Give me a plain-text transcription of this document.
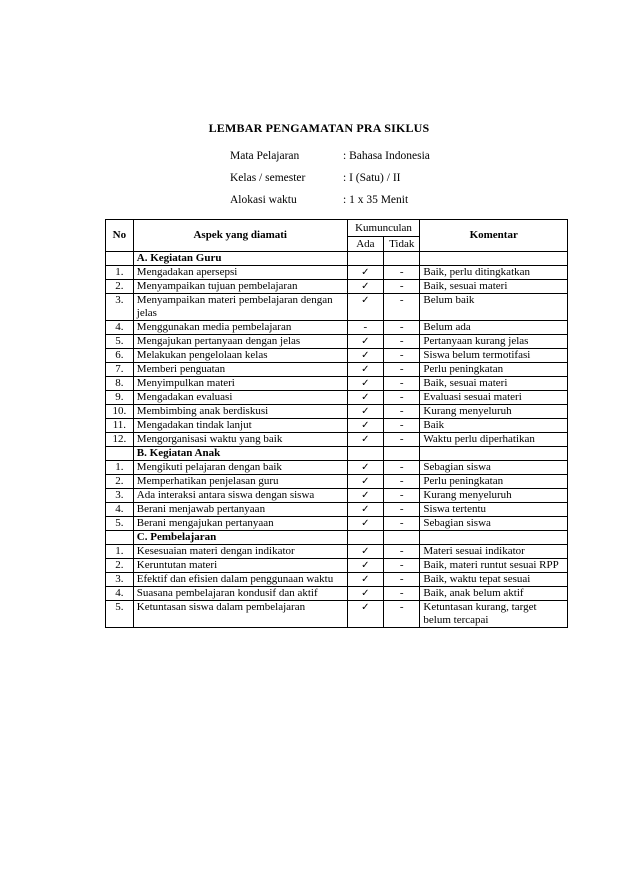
LEMBAR PENGAMATAN PRA SIKLUS
Mata Pelajaran	: Bahasa Indonesia
Kelas / semester	: I (Satu) / II
Alokasi waktu	: 1 x 35 Menit
No	Aspek yang diamati	Kumunculan		Komentar
		Ada	Tidak	
	A. Kegiatan Guru			
1.	Mengadakan apersepsi	✓	-	Baik, perlu ditingkatkan
2.	Menyampaikan tujuan pembelajaran	✓	-	Baik, sesuai materi
3.	Menyampaikan materi pembelajaran dengan jelas	✓	-	Belum baik
4.	Menggunakan media pembelajaran	-	-	Belum ada
5.	Mengajukan pertanyaan dengan jelas	✓	-	Pertanyaan kurang jelas
6.	Melakukan pengelolaan kelas	✓	-	Siswa belum termotifasi
7.	Memberi penguatan	✓	-	Perlu peningkatan
8.	Menyimpulkan materi	✓	-	Baik, sesuai materi
9.	Mengadakan evaluasi	✓	-	Evaluasi sesuai materi
10.	Membimbing anak berdiskusi	✓	-	Kurang menyeluruh
11.	Mengadakan tindak lanjut	✓	-	Baik
12.	Mengorganisasi waktu yang baik	✓	-	Waktu perlu diperhatikan
	B. Kegiatan Anak			
1.	Mengikuti pelajaran dengan baik	✓	-	Sebagian siswa
2.	Memperhatikan penjelasan guru	✓	-	Perlu peningkatan
3.	Ada interaksi antara siswa dengan siswa	✓	-	Kurang menyeluruh
4.	Berani menjawab pertanyaan	✓	-	Siswa tertentu
5.	Berani mengajukan pertanyaan	✓	-	Sebagian siswa
	C. Pembelajaran			
1.	Kesesuaian materi dengan indikator	✓	-	Materi sesuai indikator
2.	Keruntutan materi	✓	-	Baik, materi runtut sesuai RPP
3.	Efektif dan efisien dalam penggunaan waktu	✓	-	Baik, waktu tepat sesuai
4.	Suasana pembelajaran kondusif dan aktif	✓	-	Baik, anak belum aktif
5.	Ketuntasan siswa dalam pembelajaran	✓	-	Ketuntasan kurang, target belum tercapai
